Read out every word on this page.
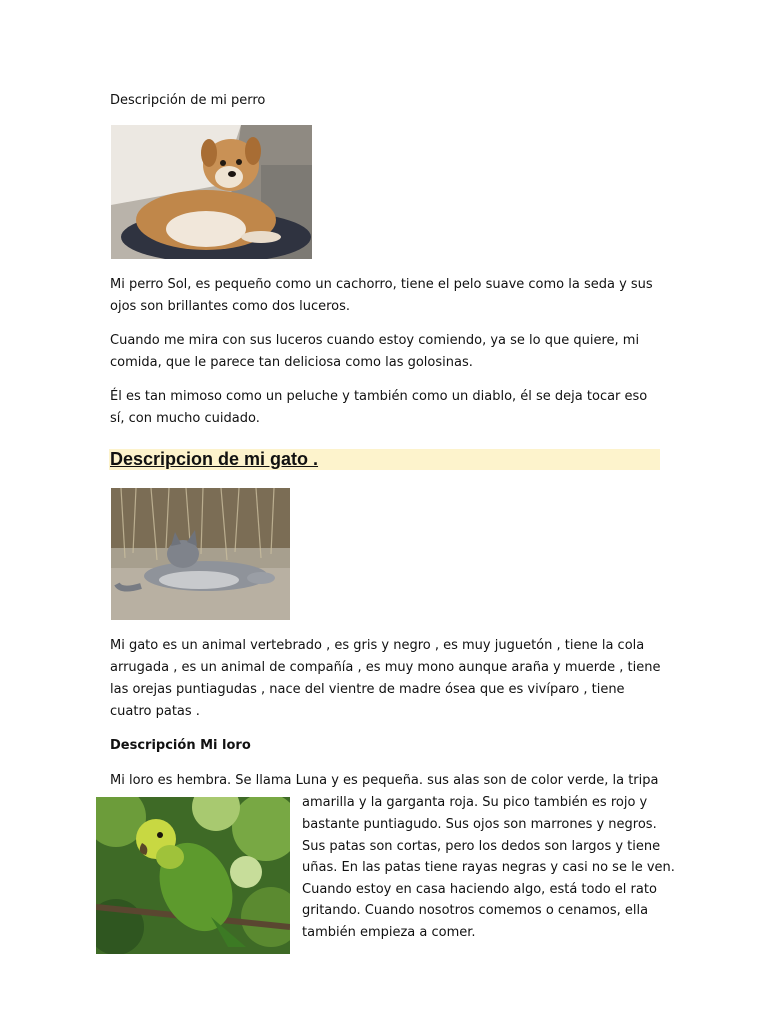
Descripción de mi perro

Mi perro Sol, es pequeño como un cachorro, tiene el pelo suave como la seda y sus ojos son brillantes como dos luceros.

Cuando me mira con sus luceros cuando estoy comiendo, ya se lo que quiere, mi comida, que le parece tan deliciosa como las golosinas.

Él es tan mimoso como un peluche y también como un diablo, él se deja tocar eso sí, con mucho cuidado.

Descripcion de mi gato .

Mi gato es un animal vertebrado , es gris y negro , es muy juguetón , tiene la cola arrugada , es un animal de compañía , es muy mono aunque araña y muerde , tiene las orejas puntiagudas , nace del vientre de madre ósea que es vivíparo , tiene cuatro patas .

Descripción Mi loro

Mi loro es hembra. Se llama Luna y es pequeña. sus alas son de color verde, la tripa

amarilla y la garganta roja. Su pico también es rojo y

bastante puntiagudo. Sus ojos son marrones y negros.

Sus patas son cortas, pero los dedos son largos y tiene

uñas. En las patas tiene rayas negras y casi no se le ven.

Cuando estoy en casa haciendo algo, está todo el rato

gritando. Cuando nosotros comemos o cenamos, ella

también empieza a comer.
